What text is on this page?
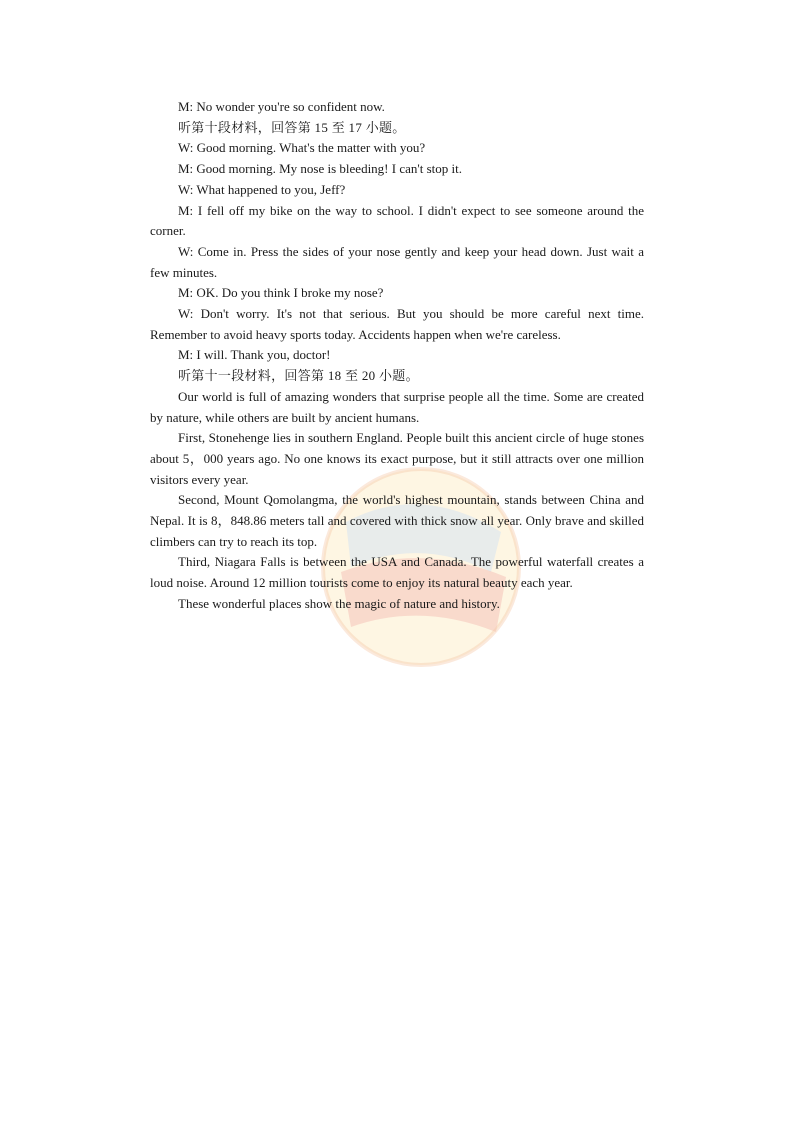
M: No wonder you're so confident now.

听第十段材料，回答第 15 至 17 小题。

W: Good morning. What's the matter with you?

M: Good morning. My nose is bleeding! I can't stop it.

W: What happened to you, Jeff?

M: I fell off my bike on the way to school. I didn't expect to see someone around the corner.

W: Come in. Press the sides of your nose gently and keep your head down. Just wait a few minutes.

M: OK. Do you think I broke my nose?

W: Don't worry. It's not that serious. But you should be more careful next time. Remember to avoid heavy sports today. Accidents happen when we're careless.

M: I will. Thank you, doctor!

听第十一段材料，回答第 18 至 20 小题。

Our world is full of amazing wonders that surprise people all the time. Some are created by nature, while others are built by ancient humans.

First, Stonehenge lies in southern England. People built this ancient circle of huge stones about 5，000 years ago. No one knows its exact purpose, but it still attracts over one million visitors every year.

Second, Mount Qomolangma, the world's highest mountain, stands between China and Nepal. It is 8，848.86 meters tall and covered with thick snow all year. Only brave and skilled climbers can try to reach its top.

Third, Niagara Falls is between the USA and Canada. The powerful waterfall creates a loud noise. Around 12 million tourists come to enjoy its natural beauty each year.

These wonderful places show the magic of nature and history.
